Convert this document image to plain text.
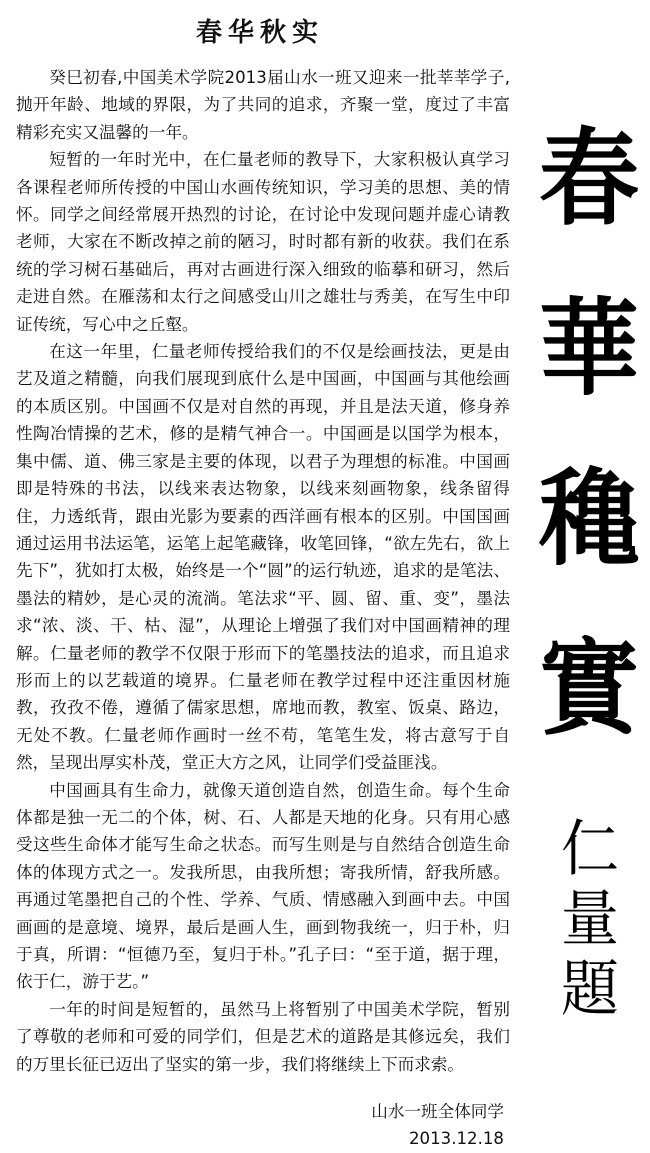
春华秋实

癸巳初春,中国美术学院2013届山水一班又迎来一批莘莘学子,抛开年龄、地域的界限，为了共同的追求，齐聚一堂，度过了丰富精彩充实又温馨的一年。

短暂的一年时光中，在仁量老师的教导下，大家积极认真学习各课程老师所传授的中国山水画传统知识，学习美的思想、美的情怀。同学之间经常展开热烈的讨论，在讨论中发现问题并虚心请教老师，大家在不断改掉之前的陋习，时时都有新的收获。我们在系统的学习树石基础后，再对古画进行深入细致的临摹和研习，然后走进自然。在雁荡和太行之间感受山川之雄壮与秀美，在写生中印证传统，写心中之丘壑。

在这一年里，仁量老师传授给我们的不仅是绘画技法，更是由艺及道之精髓，向我们展现到底什么是中国画，中国画与其他绘画的本质区别。中国画不仅是对自然的再现，并且是法天道，修身养性陶冶情操的艺术，修的是精气神合一。中国画是以国学为根本，集中儒、道、佛三家是主要的体现，以君子为理想的标准。中国画即是特殊的书法，以线来表达物象，以线来刻画物象，线条留得住，力透纸背，跟由光影为要素的西洋画有根本的区别。中国国画通过运用书法运笔，运笔上起笔藏锋，收笔回锋，“欲左先右，欲上先下”，犹如打太极，始终是一个“圆”的运行轨迹，追求的是笔法、墨法的精妙，是心灵的流淌。笔法求“平、圆、留、重、变”，墨法求“浓、淡、干、枯、湿”，从理论上增强了我们对中国画精神的理解。仁量老师的教学不仅限于形而下的笔墨技法的追求，而且追求形而上的以艺载道的境界。仁量老师在教学过程中还注重因材施教，孜孜不倦，遵循了儒家思想，席地而教，教室、饭桌、路边，无处不教。仁量老师作画时一丝不苟，笔笔生发，将古意写于自然，呈现出厚实朴茂，堂正大方之风，让同学们受益匪浅。

中国画具有生命力，就像天道创造自然，创造生命。每个生命体都是独一无二的个体，树、石、人都是天地的化身。只有用心感受这些生命体才能写生命之状态。而写生则是与自然结合创造生命体的体现方式之一。发我所思，由我所想；寄我所情，舒我所感。再通过笔墨把自己的个性、学养、气质、情感融入到画中去。中国画画的是意境、境界，最后是画人生，画到物我统一，归于朴，归于真，所谓：“恒德乃至，复归于朴。”孔子曰：“至于道，据于理，依于仁，游于艺。”

一年的时间是短暂的，虽然马上将暂别了中国美术学院，暂别了尊敬的老师和可爱的同学们，但是艺术的道路是其修远矣，我们的万里长征已迈出了坚实的第一步，我们将继续上下而求索。

山水一班全体同学
2013.12.18
春
華
穐
實
仁
量
題
